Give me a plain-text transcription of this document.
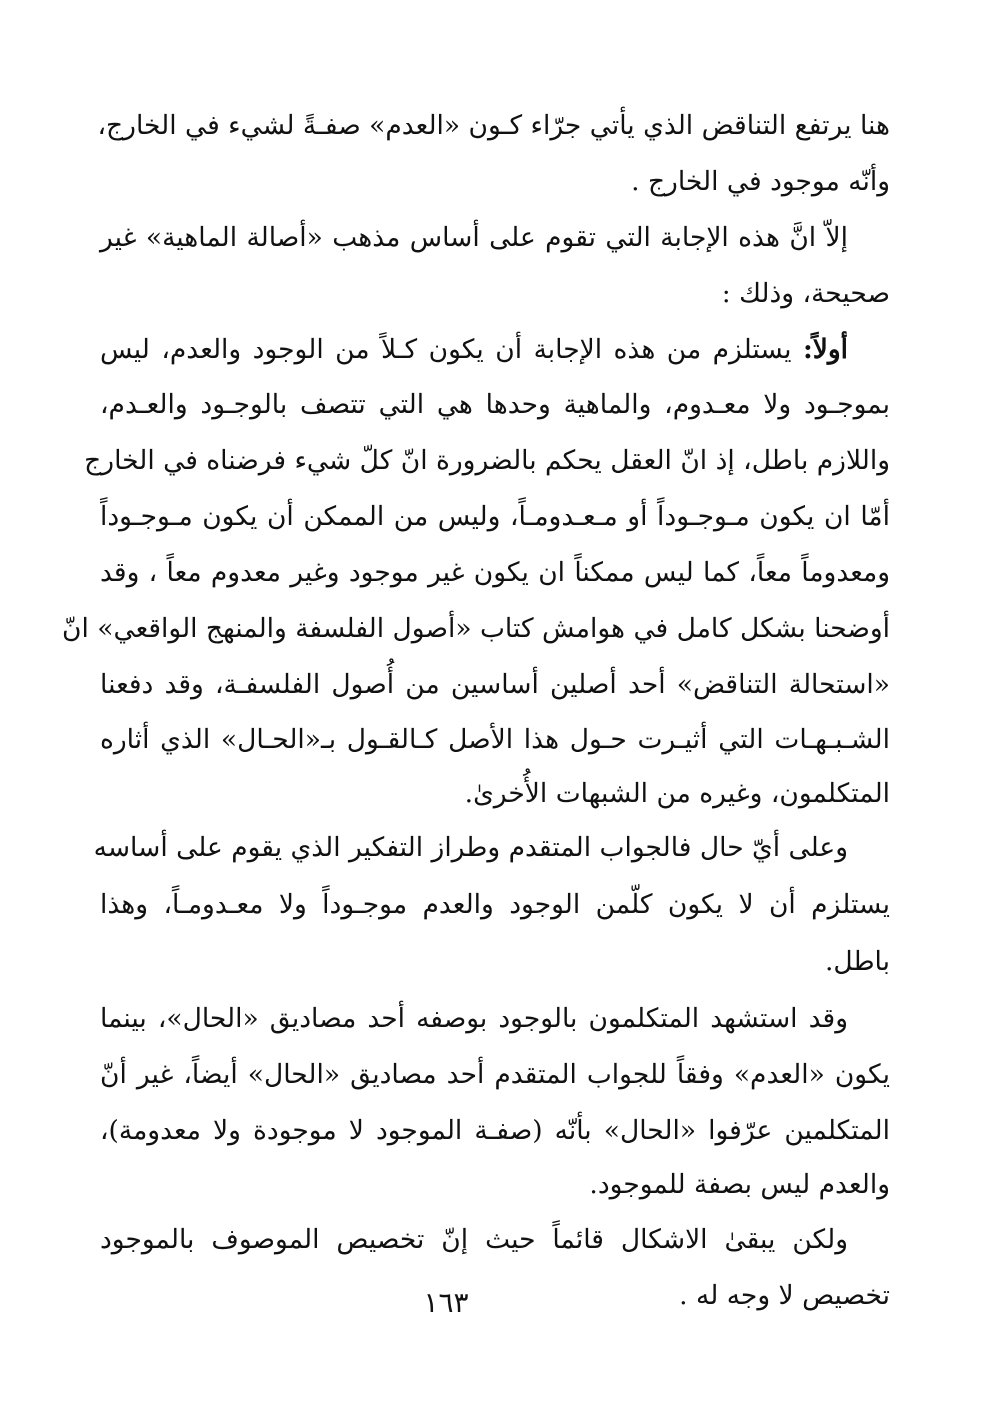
هنا يرتفع التناقض الذي يأتي جرّاء كـون «العدم» صفـةً لشيء في الخارج،
وأنّه موجود في الخارج .
إلاّ انَّ هذه الإجابة التي تقوم على أساس مذهب «أصالة الماهية» غير
صحيحة، وذلك :
أولاً: يستلزم من هذه الإجابة أن يكون كـلاً من الوجود والعدم، ليس
بموجـود ولا معـدوم، والماهية وحدها هي التي تتصف بالوجـود والعـدم،
واللازم باطل، إذ انّ العقل يحكم بالضرورة انّ كلّ شيء فرضناه في الخارج
أمّا ان يكون مـوجـوداً أو مـعـدومـاً، وليس من الممكن أن يكون مـوجـوداً
ومعدوماً معاً، كما ليس ممكناً ان يكون غير موجود وغير معدوم معاً ، وقد
أوضحنا بشكل كامل في هوامش كتاب «أصول الفلسفة والمنهج الواقعي» انّ
«استحالة التناقض» أحد أصلين أساسين من أُصول الفلسفـة، وقد دفعنا
الشـبـهـات التي أثيـرت حـول هذا الأصل كـالقـول بـ«الحـال» الذي أثاره
المتكلمون، وغيره من الشبهات الأُخرىٰ.
وعلى أيّ حال فالجواب المتقدم وطراز التفكير الذي يقوم على أساسه
يستلزم أن لا يكون كلّمن الوجود والعدم موجـوداً ولا معـدومـاً، وهذا
باطل.
وقد استشهد المتكلمون بالوجود بوصفه أحد مصاديق «الحال»، بينما
يكون «العدم» وفقاً للجواب المتقدم أحد مصاديق «الحال» أيضاً، غير أنّ
المتكلمين عرّفوا «الحال» بأنّه (صفـة الموجود لا موجودة ولا معدومة)،
والعدم ليس بصفة للموجود.
ولكن يبقىٰ الاشكال قائماً حيث إنّ تخصيص الموصوف بالموجود
تخصيص لا وجه له .
١٦٣
